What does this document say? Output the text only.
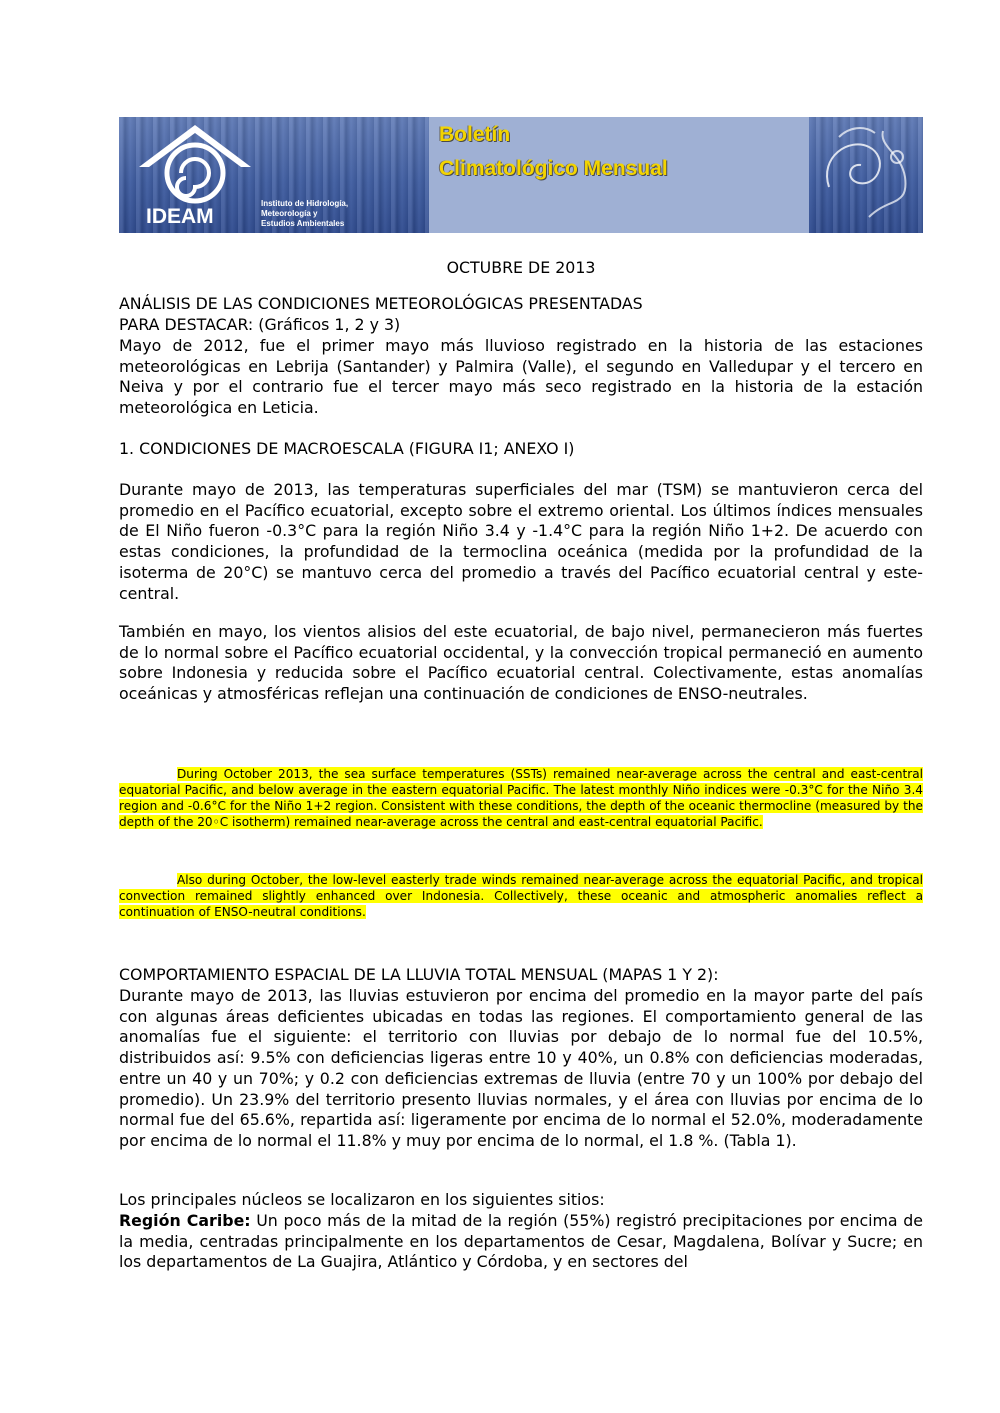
IDEAM
Instituto de Hidrología,
Meteorología y
Estudios Ambientales
Boletín
Climatológico Mensual
OCTUBRE DE 2013
ANÁLISIS DE LAS CONDICIONES METEOROLÓGICAS PRESENTADAS
PARA DESTACAR: (Gráficos 1, 2 y 3)
Mayo de 2012, fue el primer mayo más lluvioso registrado en la historia de las estaciones meteorológicas en Lebrija (Santander) y Palmira (Valle), el segundo en Valledupar y el tercero en Neiva y por el contrario fue el tercer mayo más seco registrado en la historia de la estación meteorológica en Leticia.
1. CONDICIONES DE MACROESCALA (FIGURA I1; ANEXO I)
Durante mayo de 2013, las temperaturas superficiales del mar (TSM) se mantuvieron cerca del promedio en el Pacífico ecuatorial, excepto sobre el extremo oriental. Los últimos índices mensuales de El Niño fueron -0.3°C para la región Niño 3.4 y -1.4°C para la región Niño 1+2. De acuerdo con estas condiciones, la profundidad de la termoclina oceánica (medida por la profundidad de la isoterma de 20°C) se mantuvo cerca del promedio a través del Pacífico ecuatorial central y este-central.
También en mayo, los vientos alisios del este ecuatorial, de bajo nivel, permanecieron más fuertes de lo normal sobre el Pacífico ecuatorial occidental, y la convección tropical permaneció en aumento sobre Indonesia y reducida sobre el Pacífico ecuatorial central. Colectivamente, estas anomalías oceánicas y atmosféricas reflejan una continuación de condiciones de ENSO-neutrales.
During October 2013, the sea surface temperatures (SSTs) remained near-average across the central and east-central equatorial Pacific, and below average in the eastern equatorial Pacific. The latest monthly Niño indices were -0.3°C for the Niño 3.4 region and -0.6°C for the Niño 1+2 region. Consistent with these conditions, the depth of the oceanic thermocline (measured by the depth of the 20◦C isotherm) remained near-average across the central and east-central equatorial Pacific.
Also during October, the low-level easterly trade winds remained near-average across the equatorial Pacific, and tropical convection remained slightly enhanced over Indonesia. Collectively, these oceanic and atmospheric anomalies reflect a continuation of ENSO-neutral conditions.
COMPORTAMIENTO ESPACIAL DE LA LLUVIA TOTAL MENSUAL (MAPAS 1 Y 2):
Durante mayo de 2013, las lluvias estuvieron por encima del promedio en la mayor parte del país con algunas áreas deficientes ubicadas en todas las regiones. El comportamiento general de las anomalías fue el siguiente: el territorio con lluvias por debajo de lo normal fue del 10.5%, distribuidos así: 9.5% con deficiencias ligeras entre 10 y 40%, un 0.8% con deficiencias moderadas, entre un 40 y un 70%; y 0.2 con deficiencias extremas de lluvia (entre 70 y un 100% por debajo del promedio). Un 23.9% del territorio presento lluvias normales, y el área con lluvias por encima de lo normal fue del 65.6%, repartida así: ligeramente por encima de lo normal el 52.0%, moderadamente por encima de lo normal el 11.8% y muy por encima de lo normal, el 1.8 %. (Tabla 1).
Los principales núcleos se localizaron en los siguientes sitios:
Región Caribe: Un poco más de la mitad de la región (55%) registró precipitaciones por encima de la media, centradas principalmente en los departamentos de Cesar, Magdalena, Bolívar y Sucre; en los departamentos de La Guajira, Atlántico y Córdoba, y en sectores del
